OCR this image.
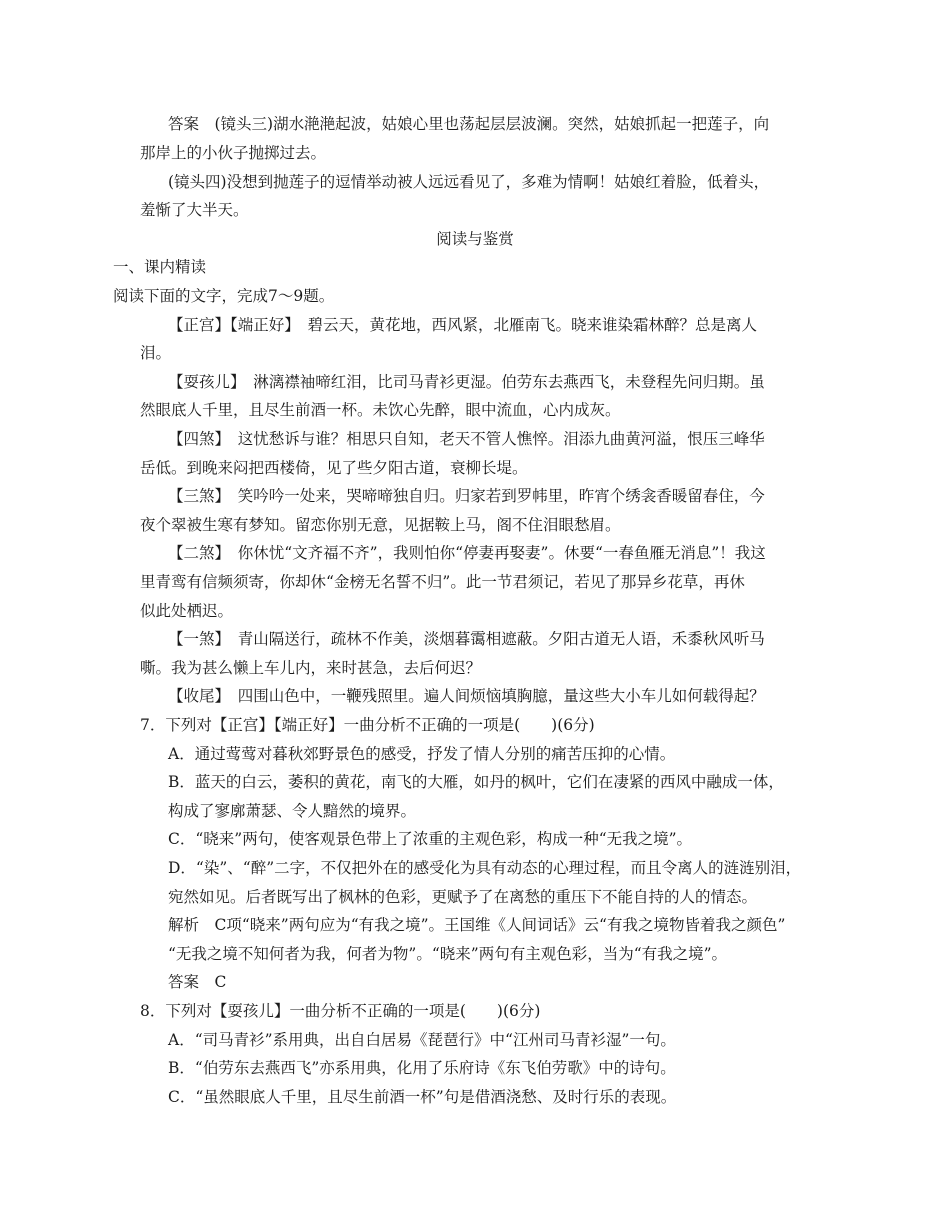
答案　(镜头三)湖水滟滟起波，姑娘心里也荡起层层波澜。突然，姑娘抓起一把莲子，向
那岸上的小伙子抛掷过去。
(镜头四)没想到抛莲子的逗情举动被人远远看见了，多难为情啊！姑娘红着脸，低着头，
羞惭了大半天。
阅读与鉴赏
一、课内精读
阅读下面的文字，完成7～9题。
【正宫】【端正好】　碧云天，黄花地，西风紧，北雁南飞。晓来谁染霜林醉？总是离人
泪。
【耍孩儿】　淋漓襟袖啼红泪，比司马青衫更湿。伯劳东去燕西飞，未登程先问归期。虽
然眼底人千里，且尽生前酒一杯。未饮心先醉，眼中流血，心内成灰。
【四煞】　这忧愁诉与谁？相思只自知，老天不管人憔悴。泪添九曲黄河溢，恨压三峰华
岳低。到晚来闷把西楼倚，见了些夕阳古道，衰柳长堤。
【三煞】　笑吟吟一处来，哭啼啼独自归。归家若到罗帏里，昨宵个绣衾香暖留春住，今
夜个翠被生寒有梦知。留恋你别无意，见据鞍上马，阁不住泪眼愁眉。
【二煞】　你休忧“文齐福不齐”，我则怕你“停妻再娶妻”。休要“一春鱼雁无消息”！我这
里青鸾有信频须寄，你却休“金榜无名誓不归”。此一节君须记，若见了那异乡花草，再休
似此处栖迟。
【一煞】　青山隔送行，疏林不作美，淡烟暮霭相遮蔽。夕阳古道无人语，禾黍秋风听马
嘶。我为甚么懒上车儿内，来时甚急，去后何迟？
【收尾】　四围山色中，一鞭残照里。遍人间烦恼填胸臆，量这些大小车儿如何载得起？
7．下列对【正宫】【端正好】一曲分析不正确的一项是(　　)(6分)
A．通过莺莺对暮秋郊野景色的感受，抒发了情人分别的痛苦压抑的心情。
B．蓝天的白云，萎积的黄花，南飞的大雁，如丹的枫叶，它们在凄紧的西风中融成一体，
构成了寥廓萧瑟、令人黯然的境界。
C．“晓来”两句，使客观景色带上了浓重的主观色彩，构成一种“无我之境”。
D．“染”、“醉”二字，不仅把外在的感受化为具有动态的心理过程，而且令离人的涟涟别泪，
宛然如见。后者既写出了枫林的色彩，更赋予了在离愁的重压下不能自持的人的情态。
解析　C项“晓来”两句应为“有我之境”。王国维《人间词话》云“有我之境物皆着我之颜色”
“无我之境不知何者为我，何者为物”。“晓来”两句有主观色彩，当为“有我之境”。
答案　C
8．下列对【耍孩儿】一曲分析不正确的一项是(　　)(6分)
A．“司马青衫”系用典，出自白居易《琵琶行》中“江州司马青衫湿”一句。
B．“伯劳东去燕西飞”亦系用典，化用了乐府诗《东飞伯劳歌》中的诗句。
C．“虽然眼底人千里，且尽生前酒一杯”句是借酒浇愁、及时行乐的表现。
